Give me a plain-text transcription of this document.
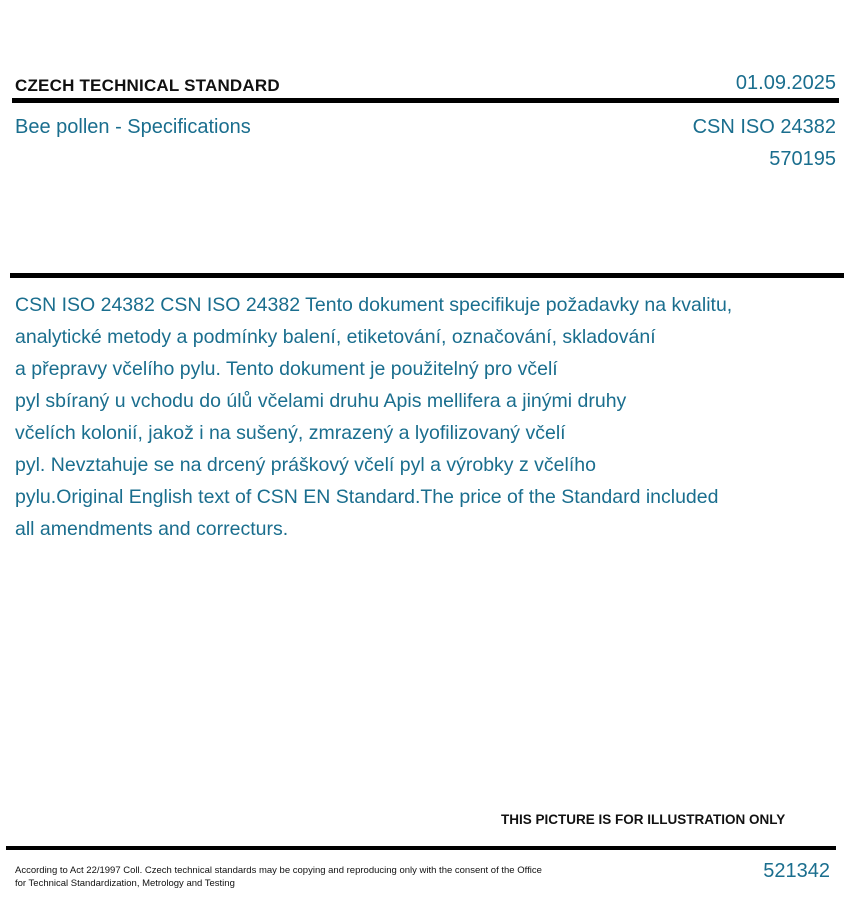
CZECH TECHNICAL STANDARD	01.09.2025
Bee pollen - Specifications	CSN ISO 24382
570195
CSN ISO 24382 CSN ISO 24382 Tento dokument specifikuje požadavky na kvalitu,
analytické metody a podmínky balení, etiketování, označování, skladování
a přepravy včelího pylu. Tento dokument je použitelný pro včelí
pyl sbíraný u vchodu do úlů včelami druhu Apis mellifera a jinými druhy
včelích kolonií, jakož i na sušený, zmrazený a lyofilizovaný včelí
pyl. Nevztahuje se na drcený práškový včelí pyl a výrobky z včelího
pylu.Original English text of CSN EN Standard.The price of the Standard included
all amendments and correcturs.
THIS PICTURE IS FOR ILLUSTRATION ONLY
According to Act 22/1997 Coll. Czech technical standards may be copying and reproducing only with the consent of the Office
for Technical Standardization, Metrology and Testing
521342
